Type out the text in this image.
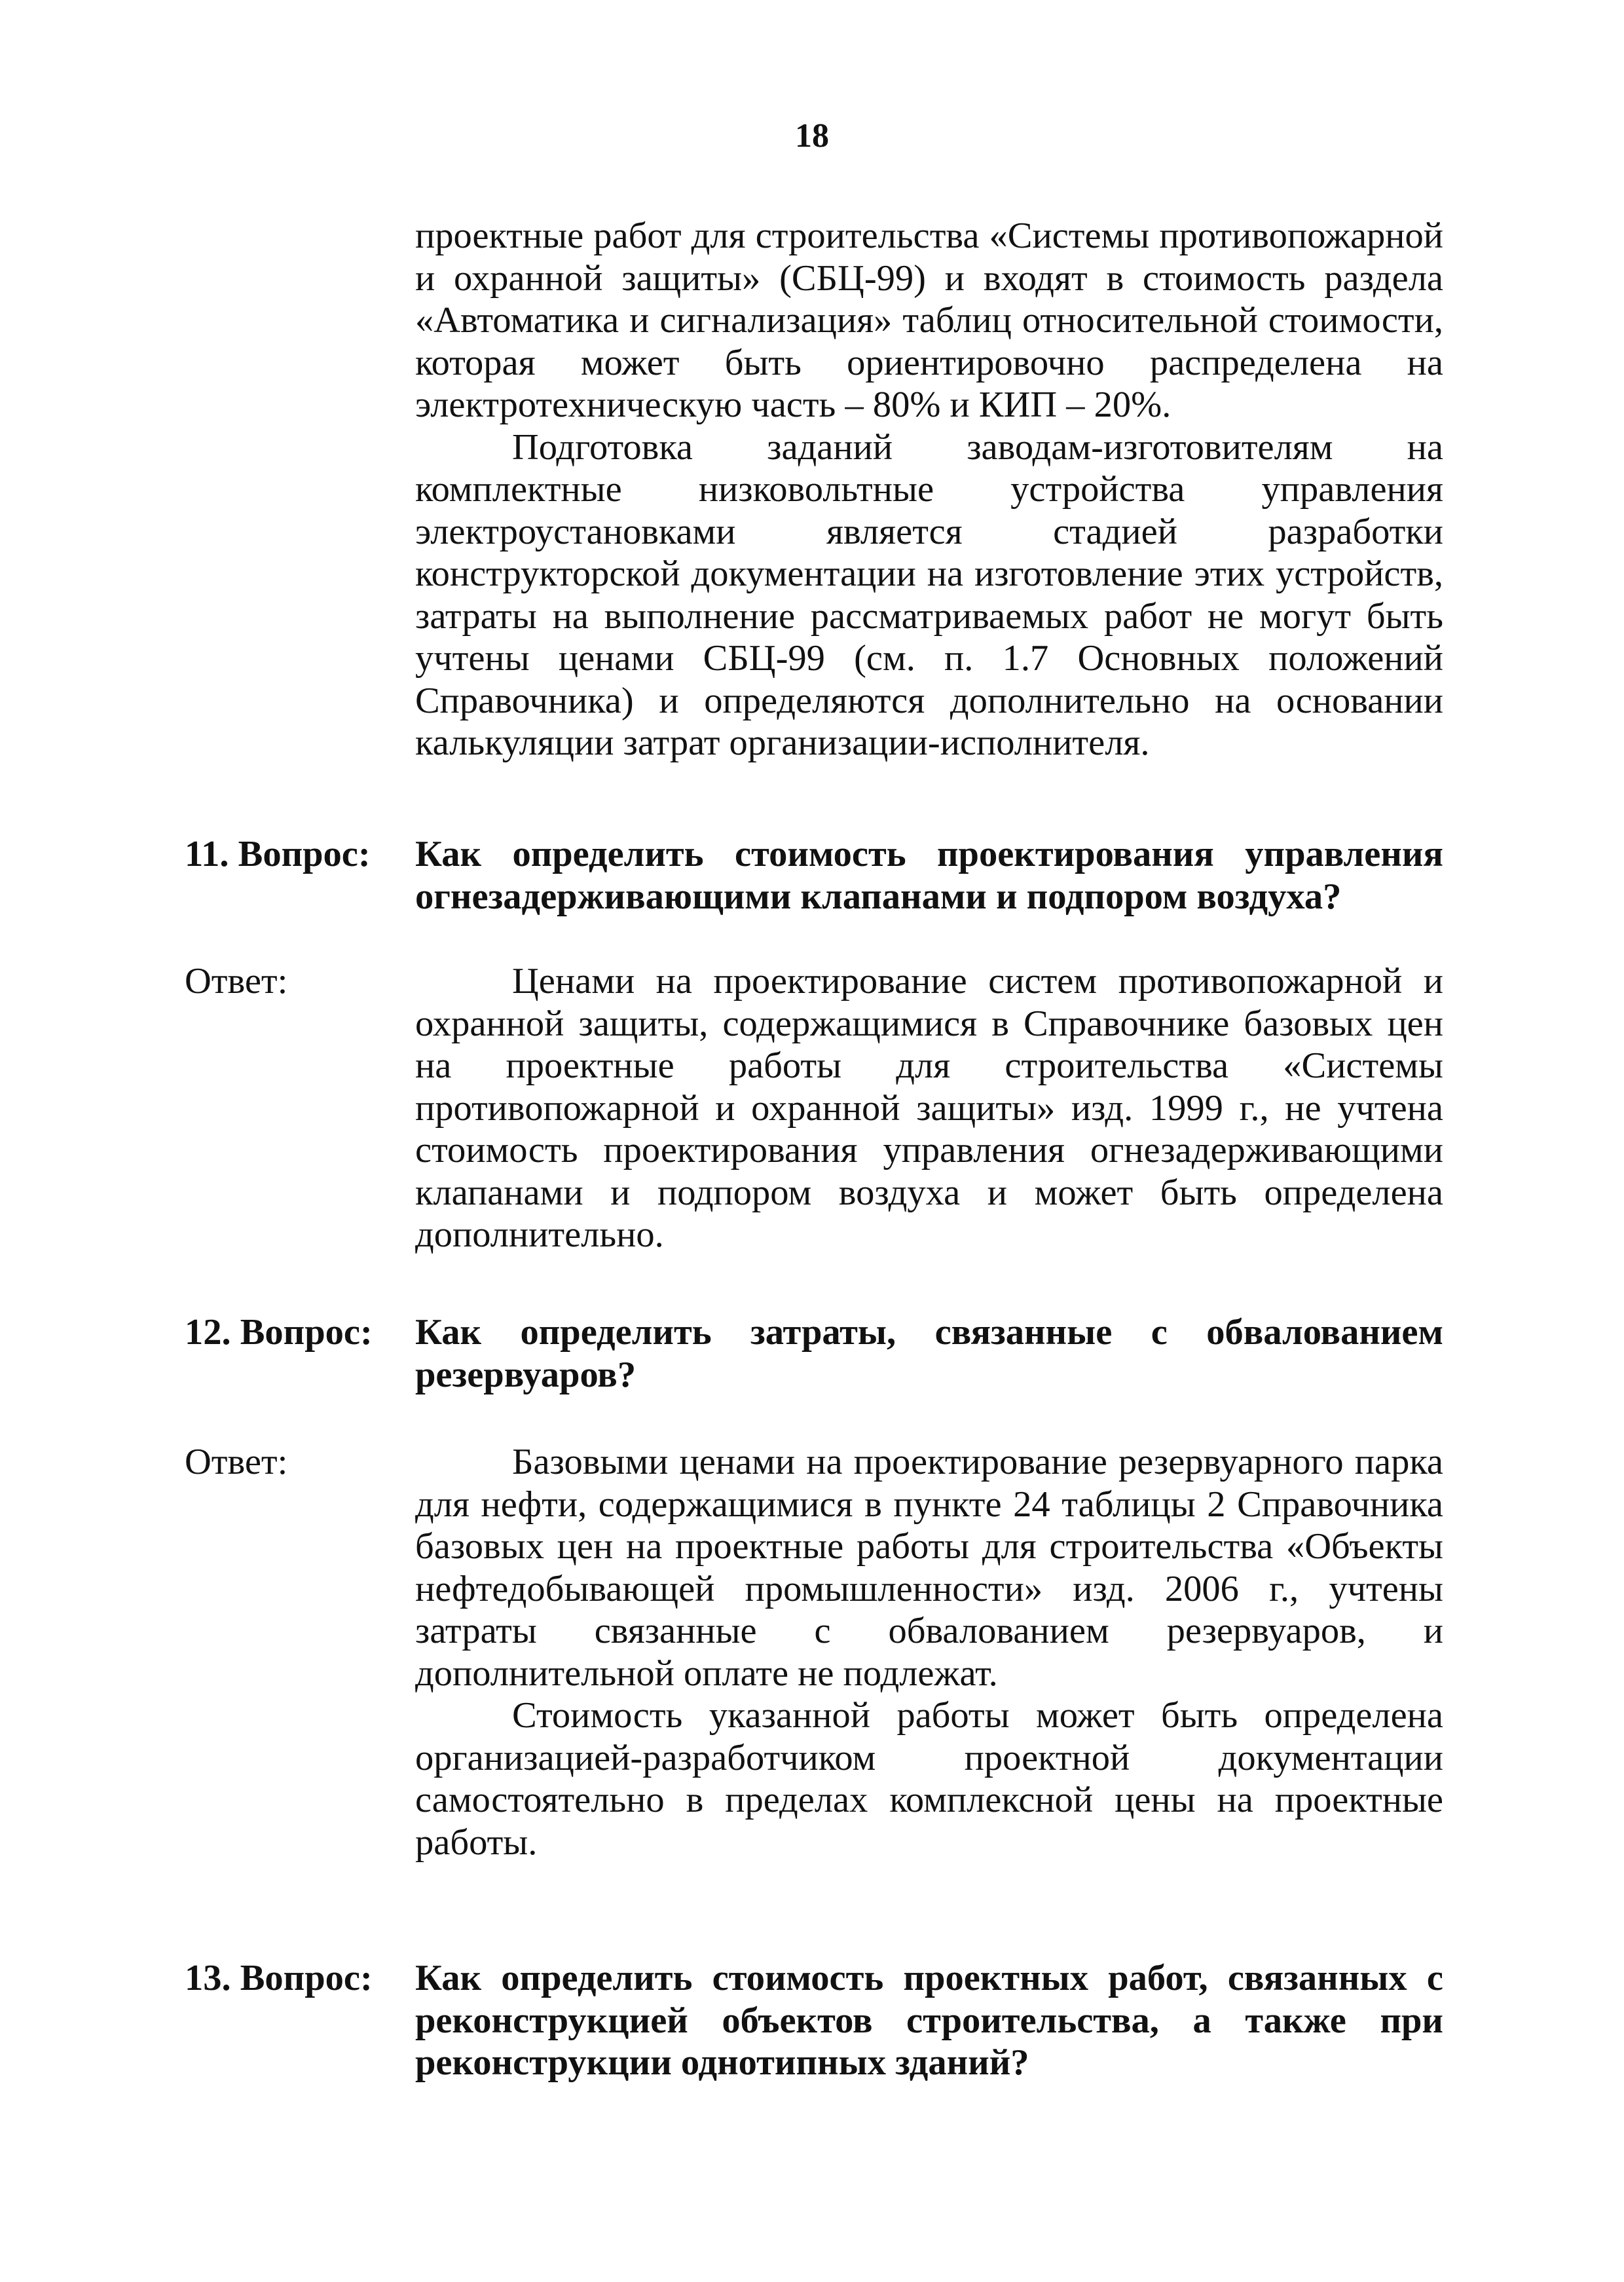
18

проектные работ для строительства «Системы противопожарной и охранной защиты» (СБЦ-99) и входят в стоимость раздела «Автоматика и сигнализация» таблиц относительной стоимости, которая может быть ориентировочно распределена на электротехническую часть – 80% и КИП – 20%.

Подготовка заданий заводам-изготовителям на комплектные низковольтные устройства управления электроустановками является стадией разработки конструкторской документации на изготовление этих устройств, затраты на выполнение рассматриваемых работ не могут быть учтены ценами СБЦ-99 (см. п. 1.7 Основных положений Справочника) и определяются дополнительно на основании калькуляции затрат организации-исполнителя.

11. Вопрос:	Как определить стоимость проектирования управления огнезадерживающими клапанами и подпором воздуха?
Ответ:	Ценами на проектирование систем противопожарной и охранной защиты, содержащимися в Справочнике базовых цен на проектные работы для строительства «Системы противопожарной и охранной защиты» изд. 1999 г., не учтена стоимость проектирования управления огнезадерживающими клапанами и подпором воздуха и может быть определена дополнительно.

12. Вопрос:	Как определить затраты, связанные с обвалованием резервуаров?
Ответ:	Базовыми ценами на проектирование резервуарного парка для нефти, содержащимися в пункте 24 таблицы 2 Справочника базовых цен на проектные работы для строительства «Объекты нефтедобывающей промышленности» изд. 2006 г., учтены затраты связанные с обвалованием резервуаров, и дополнительной оплате не подлежат.

Стоимость указанной работы может быть определена организацией-разработчиком проектной документации самостоятельно в пределах комплексной цены на проектные работы.

13. Вопрос:	Как определить стоимость проектных работ, связанных с реконструкцией объектов строительства, а также при реконструкции однотипных зданий?
